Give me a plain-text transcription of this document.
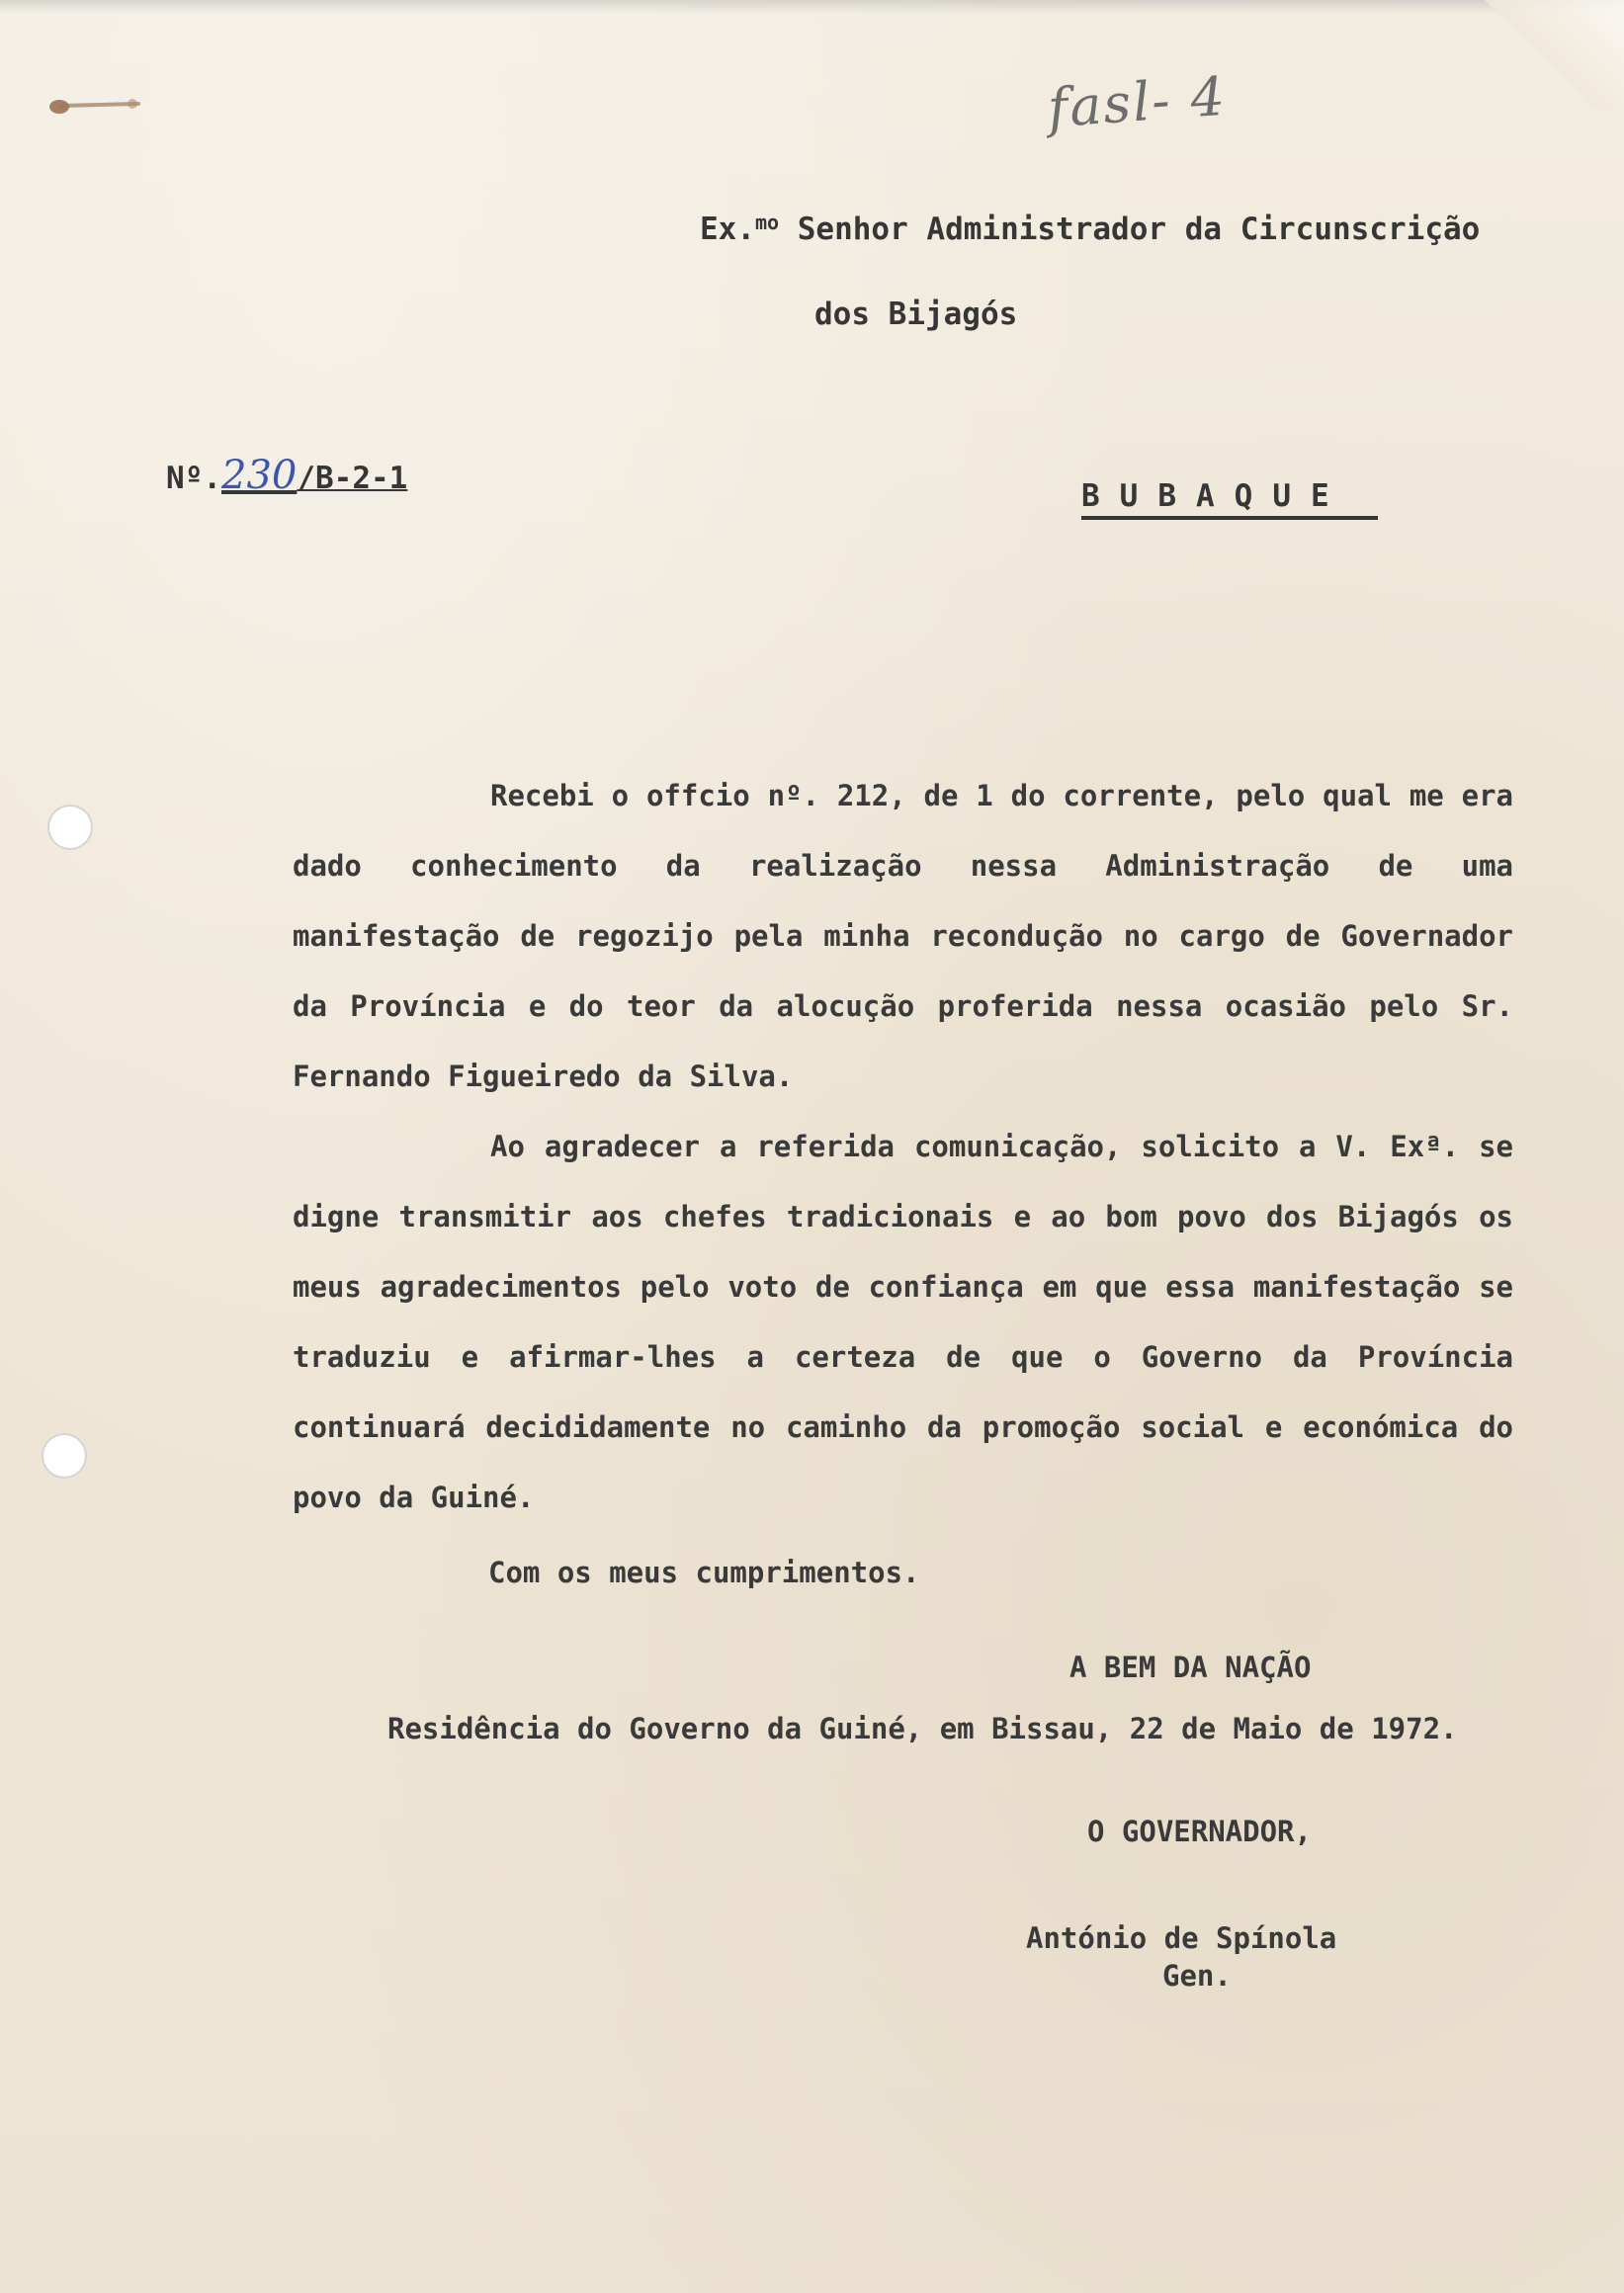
fasl- 4
Ex.$^{mo}$ Senhor Administrador da Circunscrição
dos Bijagós
Nº.230/B-2-1	BUBAQUE

Recebi o offcio nº. 212, de 1 do corrente, pelo qual me era dado conhecimento da realização nessa Administração de uma manifestação de regozijo pela minha recondução no cargo de Governador da Província e do teor da alocução proferida nessa ocasião pelo Sr. Fernando Figueiredo da Silva.

Ao agradecer a referida comunicação, solicito a V. Exª. se digne transmitir aos chefes tradicionais e ao bom povo dos Bijagós os meus agradecimentos pelo voto de confiança em que essa manifestação se traduziu e afirmar-lhes a certeza de que o Governo da Província continuará decididamente no caminho da promoção social e económica do povo da Guiné.

Com os meus cumprimentos.
A BEM DA NAÇÃO
Residência do Governo da Guiné, em Bissau, 22 de Maio de 1972.
O GOVERNADOR,
António de Spínola
Gen.
